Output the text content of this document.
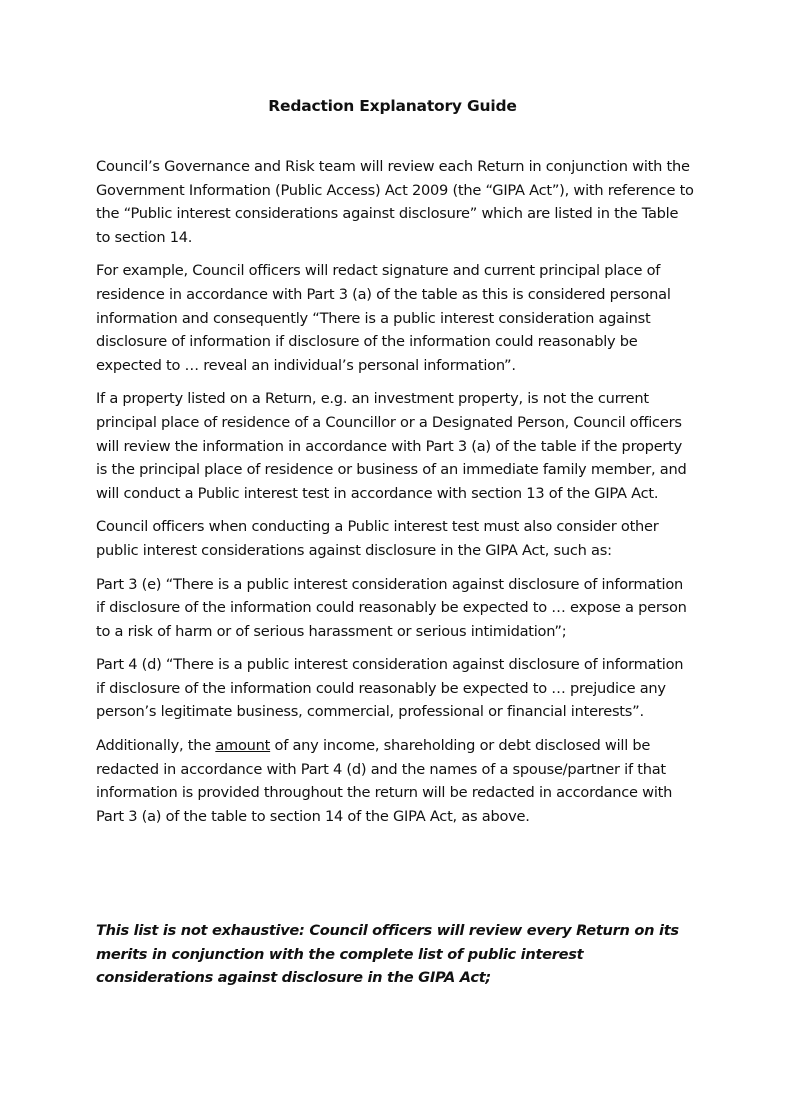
Redaction Explanatory Guide

Council’s Governance and Risk team will review each Return in conjunction with the Government Information (Public Access) Act 2009 (the “GIPA Act”), with reference to the “Public interest considerations against disclosure” which are listed in the Table to section 14.

For example, Council officers will redact signature and current principal place of residence in accordance with Part 3 (a) of the table as this is considered personal information and consequently “There is a public interest consideration against disclosure of information if disclosure of the information could reasonably be expected to … reveal an individual’s personal information”.

If a property listed on a Return, e.g. an investment property, is not the current principal place of residence of a Councillor or a Designated Person, Council officers will review the information in accordance with Part 3 (a) of the table if the property is the principal place of residence or business of an immediate family member, and will conduct a Public interest test in accordance with section 13 of the GIPA Act.

Council officers when conducting a Public interest test must also consider other public interest considerations against disclosure in the GIPA Act, such as:

Part 3 (e) “There is a public interest consideration against disclosure of information if disclosure of the information could reasonably be expected to … expose a person to a risk of harm or of serious harassment or serious intimidation”;

Part 4 (d) “There is a public interest consideration against disclosure of information if disclosure of the information could reasonably be expected to … prejudice any person’s legitimate business, commercial, professional or financial interests”.

Additionally, the amount of any income, shareholding or debt disclosed will be redacted in accordance with Part 4 (d) and the names of a spouse/partner if that information is provided throughout the return will be redacted in accordance with Part 3 (a) of the table to section 14 of the GIPA Act, as above.

This list is not exhaustive: Council officers will review every Return on its merits in conjunction with the complete list of public interest considerations against disclosure in the GIPA Act;
